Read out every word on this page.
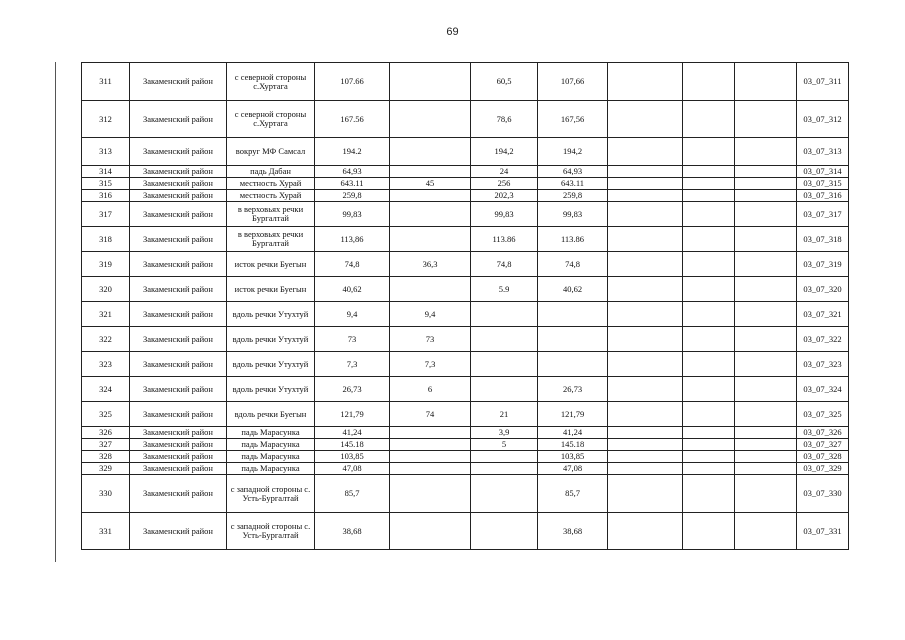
69
311	Закаменский район	с северной стороны с.Хуртага	107.66		60,5	107,66				03_07_311
312	Закаменский район	с северной стороны с.Хуртага	167.56		78,6	167,56				03_07_312
313	Закаменский район	вокруг МФ Самсал	194.2		194,2	194,2				03_07_313
314	Закаменский район	падь Дабан	64,93		24	64,93				03_07_314
315	Закаменский район	местность Хурай	643.11	45	256	643.11				03_07_315
316	Закаменский район	местность Хурай	259,8		202,3	259,8				03_07_316
317	Закаменский район	в верховьях речки Бургалтай	99,83		99,83	99,83				03_07_317
318	Закаменский район	в верховьях речки Бургалтай	113,86		113.86	113.86				03_07_318
319	Закаменский район	исток речки Буегын	74,8	36,3	74,8	74,8				03_07_319
320	Закаменский район	исток речки Буегын	40,62		5.9	40,62				03_07_320
321	Закаменский район	вдоль речки Утухтуй	9,4	9,4						03_07_321
322	Закаменский район	вдоль речки Утухтуй	73	73						03_07_322
323	Закаменский район	вдоль речки Утухтуй	7,3	7,3						03_07_323
324	Закаменский район	вдоль речки Утухтуй	26,73	6		26,73				03_07_324
325	Закаменский район	вдоль речки Буегын	121,79	74	21	121,79				03_07_325
326	Закаменский район	падь Марасунка	41,24		3,9	41,24				03_07_326
327	Закаменский район	падь Марасунка	145.18		5	145.18				03_07_327
328	Закаменский район	падь Марасунка	103,85			103,85				03_07_328
329	Закаменский район	падь Марасунка	47,08			47,08				03_07_329
330	Закаменский район	с западной стороны с. Усть-Бургалтай	85,7			85,7				03_07_330
331	Закаменский район	с западной стороны с. Усть-Бургалтай	38,68			38,68				03_07_331
